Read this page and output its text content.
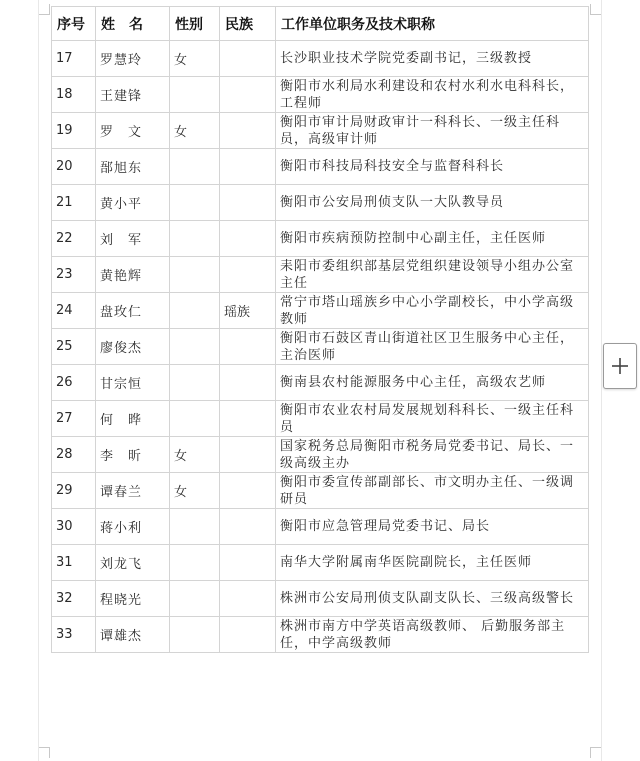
序号	姓　名	性别	民族	工作单位职务及技术职称
17	罗慧玲	女		长沙职业技术学院党委副书记，三级教授
18	王建锋			衡阳市水利局水利建设和农村水利水电科科长，工程师
19	罗　文	女		衡阳市审计局财政审计一科科长、一级主任科员，高级审计师
20	郚旭东			衡阳市科技局科技安全与监督科科长
21	黄小平			衡阳市公安局刑侦支队一大队教导员
22	刘　军			衡阳市疾病预防控制中心副主任，主任医师
23	黄艳辉			耒阳市委组织部基层党组织建设领导小组办公室主任
24	盘玫仁		瑶族	常宁市塔山瑶族乡中心小学副校长，中小学高级教师
25	廖俊杰			衡阳市石鼓区青山街道社区卫生服务中心主任，主治医师
26	甘宗恒			衡南县农村能源服务中心主任，高级农艺师
27	何　晔			衡阳市农业农村局发展规划科科长、一级主任科员
28	李　昕	女		国家税务总局衡阳市税务局党委书记、局长、一级高级主办
29	谭春兰	女		衡阳市委宣传部副部长、市文明办主任、一级调研员
30	蒋小利			衡阳市应急管理局党委书记、局长
31	刘龙飞			南华大学附属南华医院副院长，主任医师
32	程晓光			株洲市公安局刑侦支队副支队长、三级高级警长
33	谭雄杰			株洲市南方中学英语高级教师、 后勤服务部主任，中学高级教师
